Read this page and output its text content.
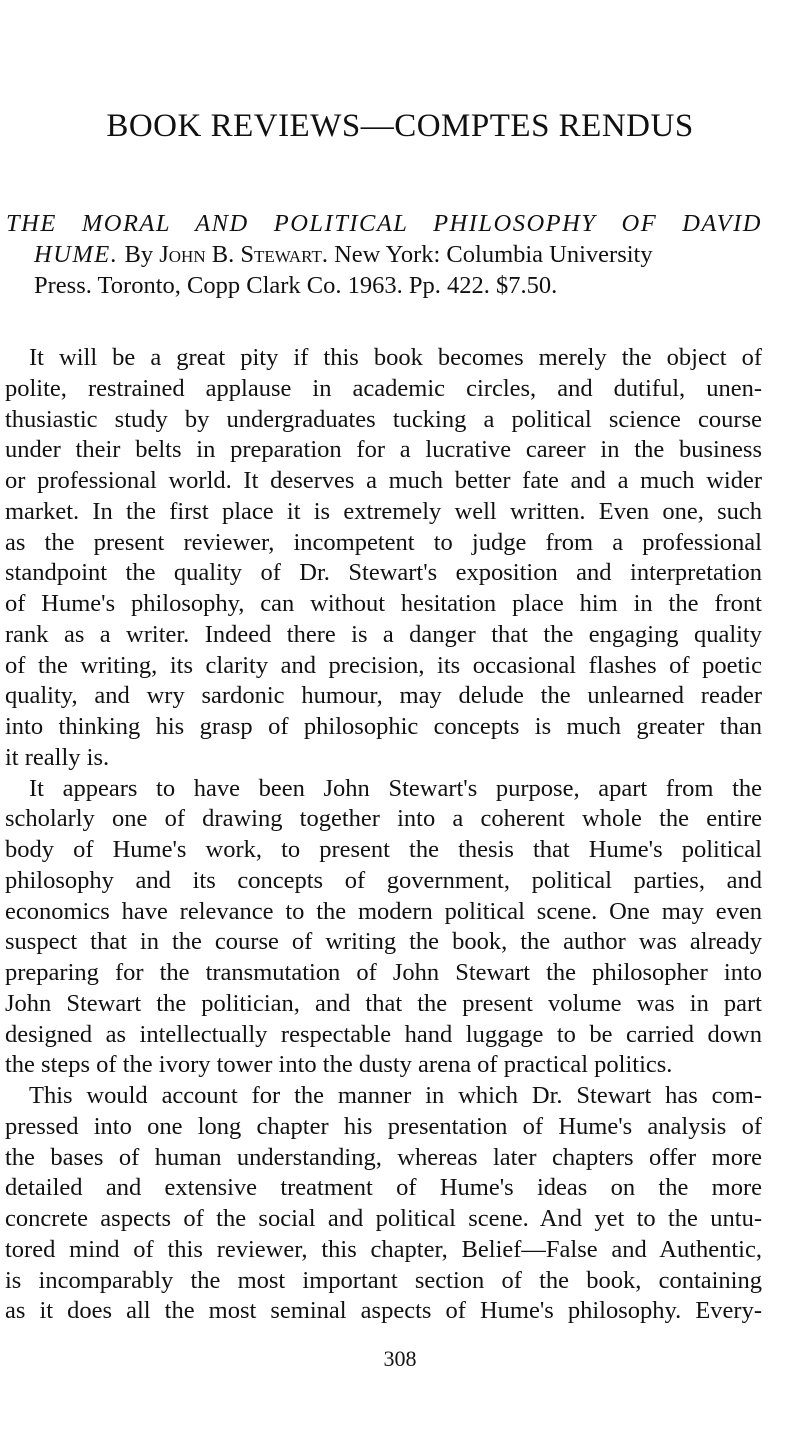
BOOK REVIEWS—COMPTES RENDUS
THE MORAL AND POLITICAL PHILOSOPHY OF DAVID
HUME. By John B. Stewart. New York: Columbia University
Press. Toronto, Copp Clark Co. 1963. Pp. 422. $7.50.
It will be a great pity if this book becomes merely the object of
polite, restrained applause in academic circles, and dutiful, unen-
thusiastic study by undergraduates tucking a political science course
under their belts in preparation for a lucrative career in the business
or professional world. It deserves a much better fate and a much wider
market. In the first place it is extremely well written. Even one, such
as the present reviewer, incompetent to judge from a professional
standpoint the quality of Dr. Stewart's exposition and interpretation
of Hume's philosophy, can without hesitation place him in the front
rank as a writer. Indeed there is a danger that the engaging quality
of the writing, its clarity and precision, its occasional flashes of poetic
quality, and wry sardonic humour, may delude the unlearned reader
into thinking his grasp of philosophic concepts is much greater than
it really is.
It appears to have been John Stewart's purpose, apart from the
scholarly one of drawing together into a coherent whole the entire
body of Hume's work, to present the thesis that Hume's political
philosophy and its concepts of government, political parties, and
economics have relevance to the modern political scene. One may even
suspect that in the course of writing the book, the author was already
preparing for the transmutation of John Stewart the philosopher into
John Stewart the politician, and that the present volume was in part
designed as intellectually respectable hand luggage to be carried down
the steps of the ivory tower into the dusty arena of practical politics.
This would account for the manner in which Dr. Stewart has com-
pressed into one long chapter his presentation of Hume's analysis of
the bases of human understanding, whereas later chapters offer more
detailed and extensive treatment of Hume's ideas on the more
concrete aspects of the social and political scene. And yet to the untu-
tored mind of this reviewer, this chapter, Belief—False and Authentic,
is incomparably the most important section of the book, containing
as it does all the most seminal aspects of Hume's philosophy. Every-
308
